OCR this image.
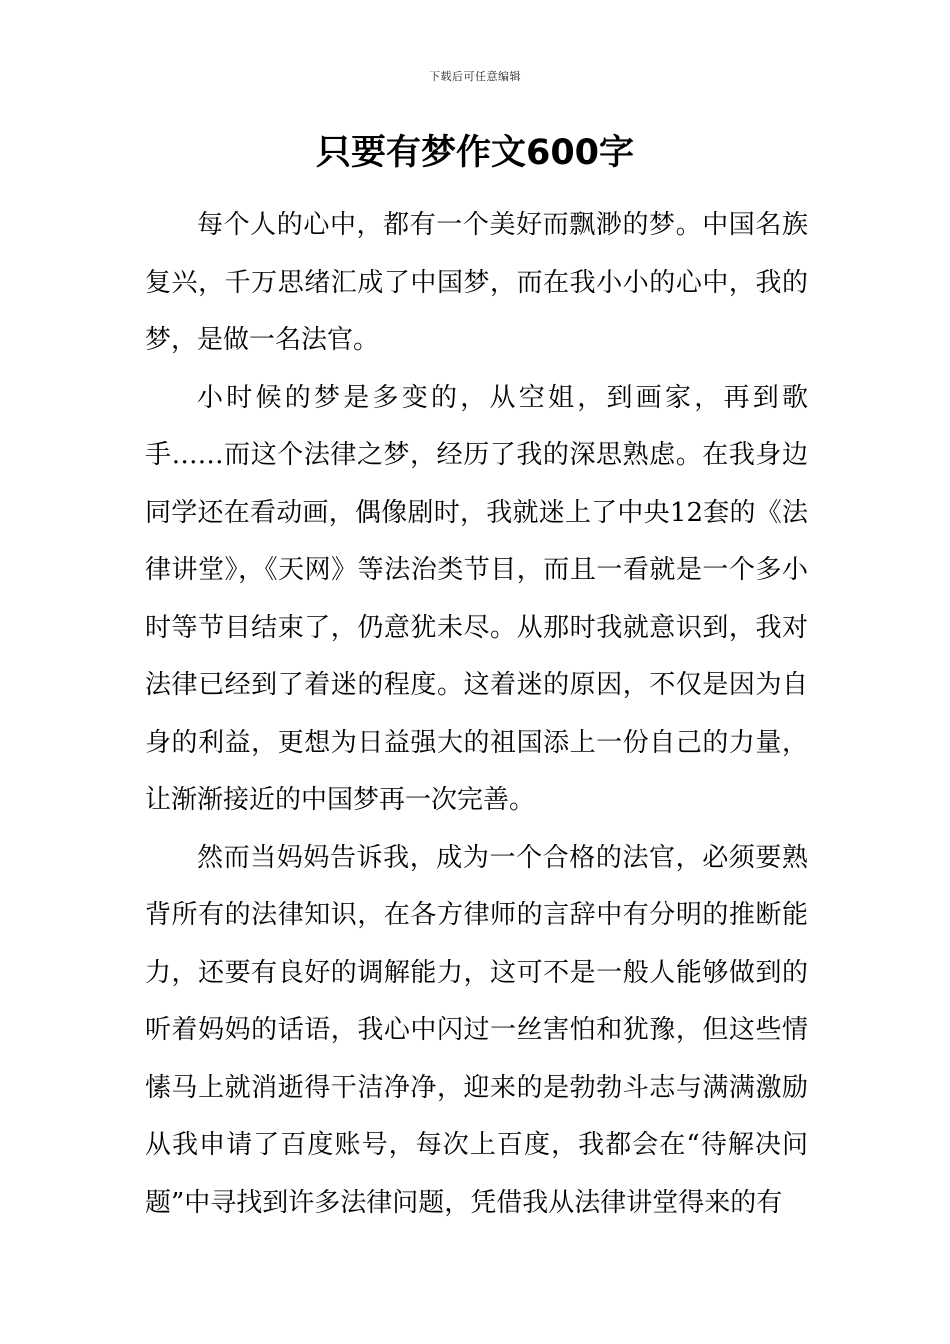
下载后可任意编辑
只要有梦作文600字

每个人的心中，都有一个美好而飘渺的梦。中国名族复兴，千万思绪汇成了中国梦，而在我小小的心中，我的梦，是做一名法官。

小时候的梦是多变的，从空姐，到画家，再到歌手……而这个法律之梦，经历了我的深思熟虑。在我身边同学还在看动画，偶像剧时，我就迷上了中央12套的《法律讲堂》，《天网》等法治类节目，而且一看就是一个多小时等节目结束了，仍意犹未尽。从那时我就意识到，我对法律已经到了着迷的程度。这着迷的原因，不仅是因为自身的利益，更想为日益强大的祖国添上一份自己的力量，让渐渐接近的中国梦再一次完善。

然而当妈妈告诉我，成为一个合格的法官，必须要熟背所有的法律知识，在各方律师的言辞中有分明的推断能力，还要有良好的调解能力，这可不是一般人能够做到的听着妈妈的话语，我心中闪过一丝害怕和犹豫，但这些情愫马上就消逝得干洁净净，迎来的是勃勃斗志与满满激励从我申请了百度账号，每次上百度，我都会在“待解决问题”中寻找到许多法律问题，凭借我从法律讲堂得来的有
